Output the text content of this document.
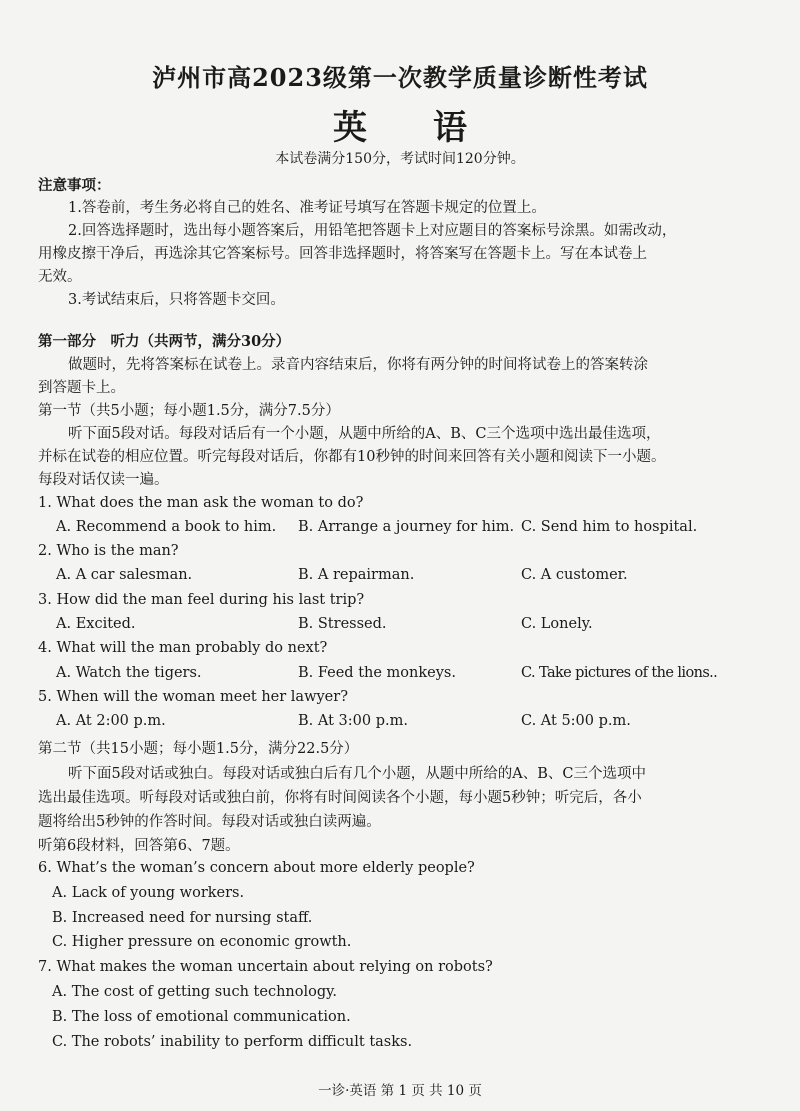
泸州市高2023级第一次教学质量诊断性考试
英 语
本试卷满分150分，考试时间120分钟。
注意事项：
1.答卷前，考生务必将自己的姓名、准考证号填写在答题卡规定的位置上。
2.回答选择题时，选出每小题答案后，用铅笔把答题卡上对应题目的答案标号涂黑。如需改动，
用橡皮擦干净后，再选涂其它答案标号。回答非选择题时，将答案写在答题卡上。写在本试卷上
无效。
3.考试结束后，只将答题卡交回。
第一部分　听力（共两节，满分30分）
做题时，先将答案标在试卷上。录音内容结束后，你将有两分钟的时间将试卷上的答案转涂
到答题卡上。
第一节（共5小题；每小题1.5分，满分7.5分）
听下面5段对话。每段对话后有一个小题，从题中所给的A、B、C三个选项中选出最佳选项，
并标在试卷的相应位置。听完每段对话后，你都有10秒钟的时间来回答有关小题和阅读下一小题。
每段对话仅读一遍。
1. What does the man ask the woman to do?
A. Recommend a book to him. B. Arrange a journey for him. C. Send him to hospital.
2. Who is the man?
A. A car salesman.	B. A repairman.	C. A customer.
3. How did the man feel during his last trip?
A. Excited.	B. Stressed.	C. Lonely.
4. What will the man probably do next?
A. Watch the tigers.	B. Feed the monkeys.	C. Take pictures of the lions..
5. When will the woman meet her lawyer?
A. At 2:00 p.m.	B. At 3:00 p.m.	C. At 5:00 p.m.
第二节（共15小题；每小题1.5分，满分22.5分）
听下面5段对话或独白。每段对话或独白后有几个小题，从题中所给的A、B、C三个选项中
选出最佳选项。听每段对话或独白前，你将有时间阅读各个小题，每小题5秒钟；听完后，各小
题将给出5秒钟的作答时间。每段对话或独白读两遍。
听第6段材料，回答第6、7题。
6. What’s the woman’s concern about more elderly people?
A. Lack of young workers.
B. Increased need for nursing staff.
C. Higher pressure on economic growth.
7. What makes the woman uncertain about relying on robots?
A. The cost of getting such technology.
B. The loss of emotional communication.
C. The robots’ inability to perform difficult tasks.
一诊·英语 第 1 页 共 10 页
